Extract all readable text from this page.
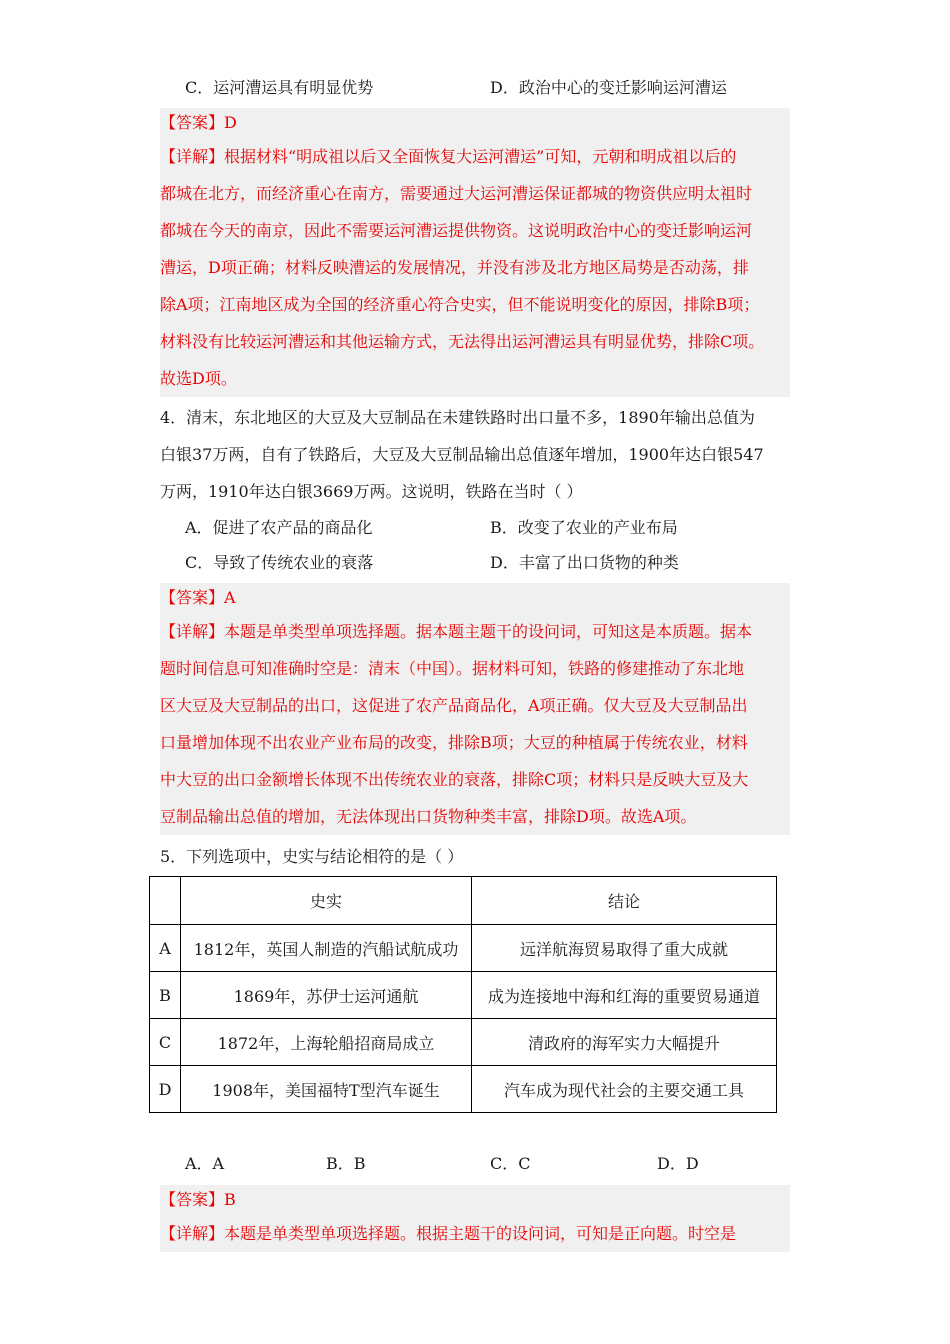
C．运河漕运具有明显优势	D．政治中心的变迁影响运河漕运
【答案】D
【详解】根据材料“明成祖以后又全面恢复大运河漕运”可知，元朝和明成祖以后的
都城在北方，而经济重心在南方，需要通过大运河漕运保证都城的物资供应明太祖时
都城在今天的南京，因此不需要运河漕运提供物资。这说明政治中心的变迁影响运河
漕运，D项正确；材料反映漕运的发展情况，并没有涉及北方地区局势是否动荡，排
除A项；江南地区成为全国的经济重心符合史实，但不能说明变化的原因，排除B项；
材料没有比较运河漕运和其他运输方式，无法得出运河漕运具有明显优势，排除C项。
故选D项。
4．清末，东北地区的大豆及大豆制品在未建铁路时出口量不多，1890年输出总值为
白银37万两，自有了铁路后，大豆及大豆制品输出总值逐年增加，1900年达白银547
万两，1910年达白银3669万两。这说明，铁路在当时（ ）
A．促进了农产品的商品化	B．改变了农业的产业布局
C．导致了传统农业的衰落	D．丰富了出口货物的种类
【答案】A
【详解】本题是单类型单项选择题。据本题主题干的设问词，可知这是本质题。据本
题时间信息可知准确时空是：清末（中国）。据材料可知，铁路的修建推动了东北地
区大豆及大豆制品的出口，这促进了农产品商品化，A项正确。仅大豆及大豆制品出
口量增加体现不出农业产业布局的改变，排除B项；大豆的种植属于传统农业，材料
中大豆的出口金额增长体现不出传统农业的衰落，排除C项；材料只是反映大豆及大
豆制品输出总值的增加，无法体现出口货物种类丰富，排除D项。故选A项。
5．下列选项中，史实与结论相符的是（ ）
	史实	结论
A	1812年，英国人制造的汽船试航成功	远洋航海贸易取得了重大成就
B	1869年，苏伊士运河通航	成为连接地中海和红海的重要贸易通道
C	1872年，上海轮船招商局成立	清政府的海军实力大幅提升
D	1908年，美国福特T型汽车诞生	汽车成为现代社会的主要交通工具
A．A	B．B	C．C	D．D
【答案】B
【详解】本题是单类型单项选择题。根据主题干的设问词，可知是正向题。时空是
